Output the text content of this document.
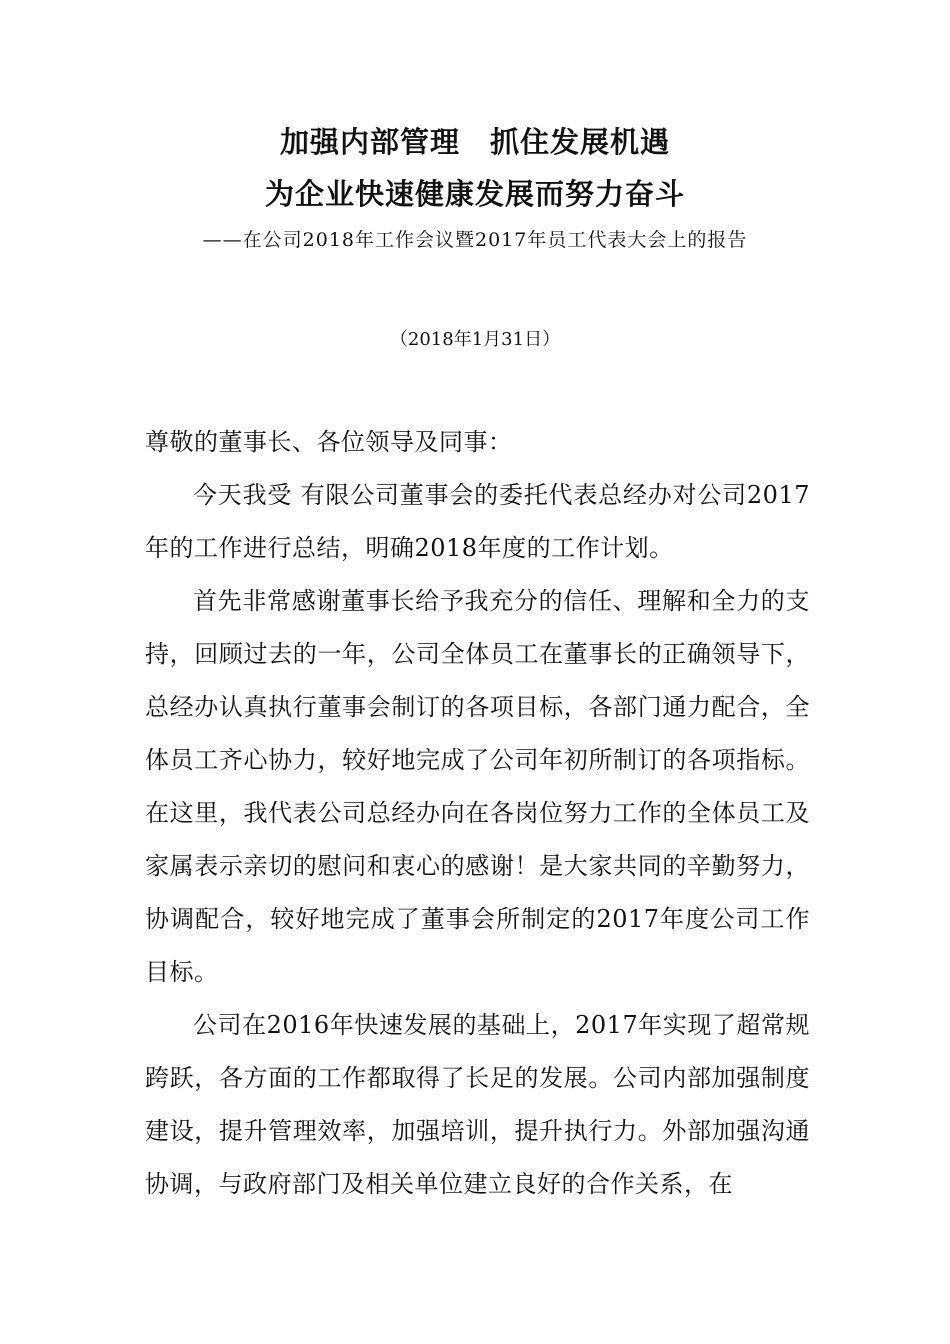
加强内部管理　抓住发展机遇
为企业快速健康发展而努力奋斗
——在公司2018年工作会议暨2017年员工代表大会上的报告
（2018年1月31日）
尊敬的董事长、各位领导及同事：
今天我受 有限公司董事会的委托代表总经办对公司2017年的工作进行总结，明确2018年度的工作计划。
首先非常感谢董事长给予我充分的信任、理解和全力的支持，回顾过去的一年，公司全体员工在董事长的正确领导下，总经办认真执行董事会制订的各项目标，各部门通力配合，全体员工齐心协力，较好地完成了公司年初所制订的各项指标。在这里，我代表公司总经办向在各岗位努力工作的全体员工及家属表示亲切的慰问和衷心的感谢！是大家共同的辛勤努力，协调配合，较好地完成了董事会所制定的2017年度公司工作目标。
公司在2016年快速发展的基础上，2017年实现了超常规跨跃，各方面的工作都取得了长足的发展。公司内部加强制度建设，提升管理效率，加强培训，提升执行力。外部加强沟通协调，与政府部门及相关单位建立良好的合作关系，在
